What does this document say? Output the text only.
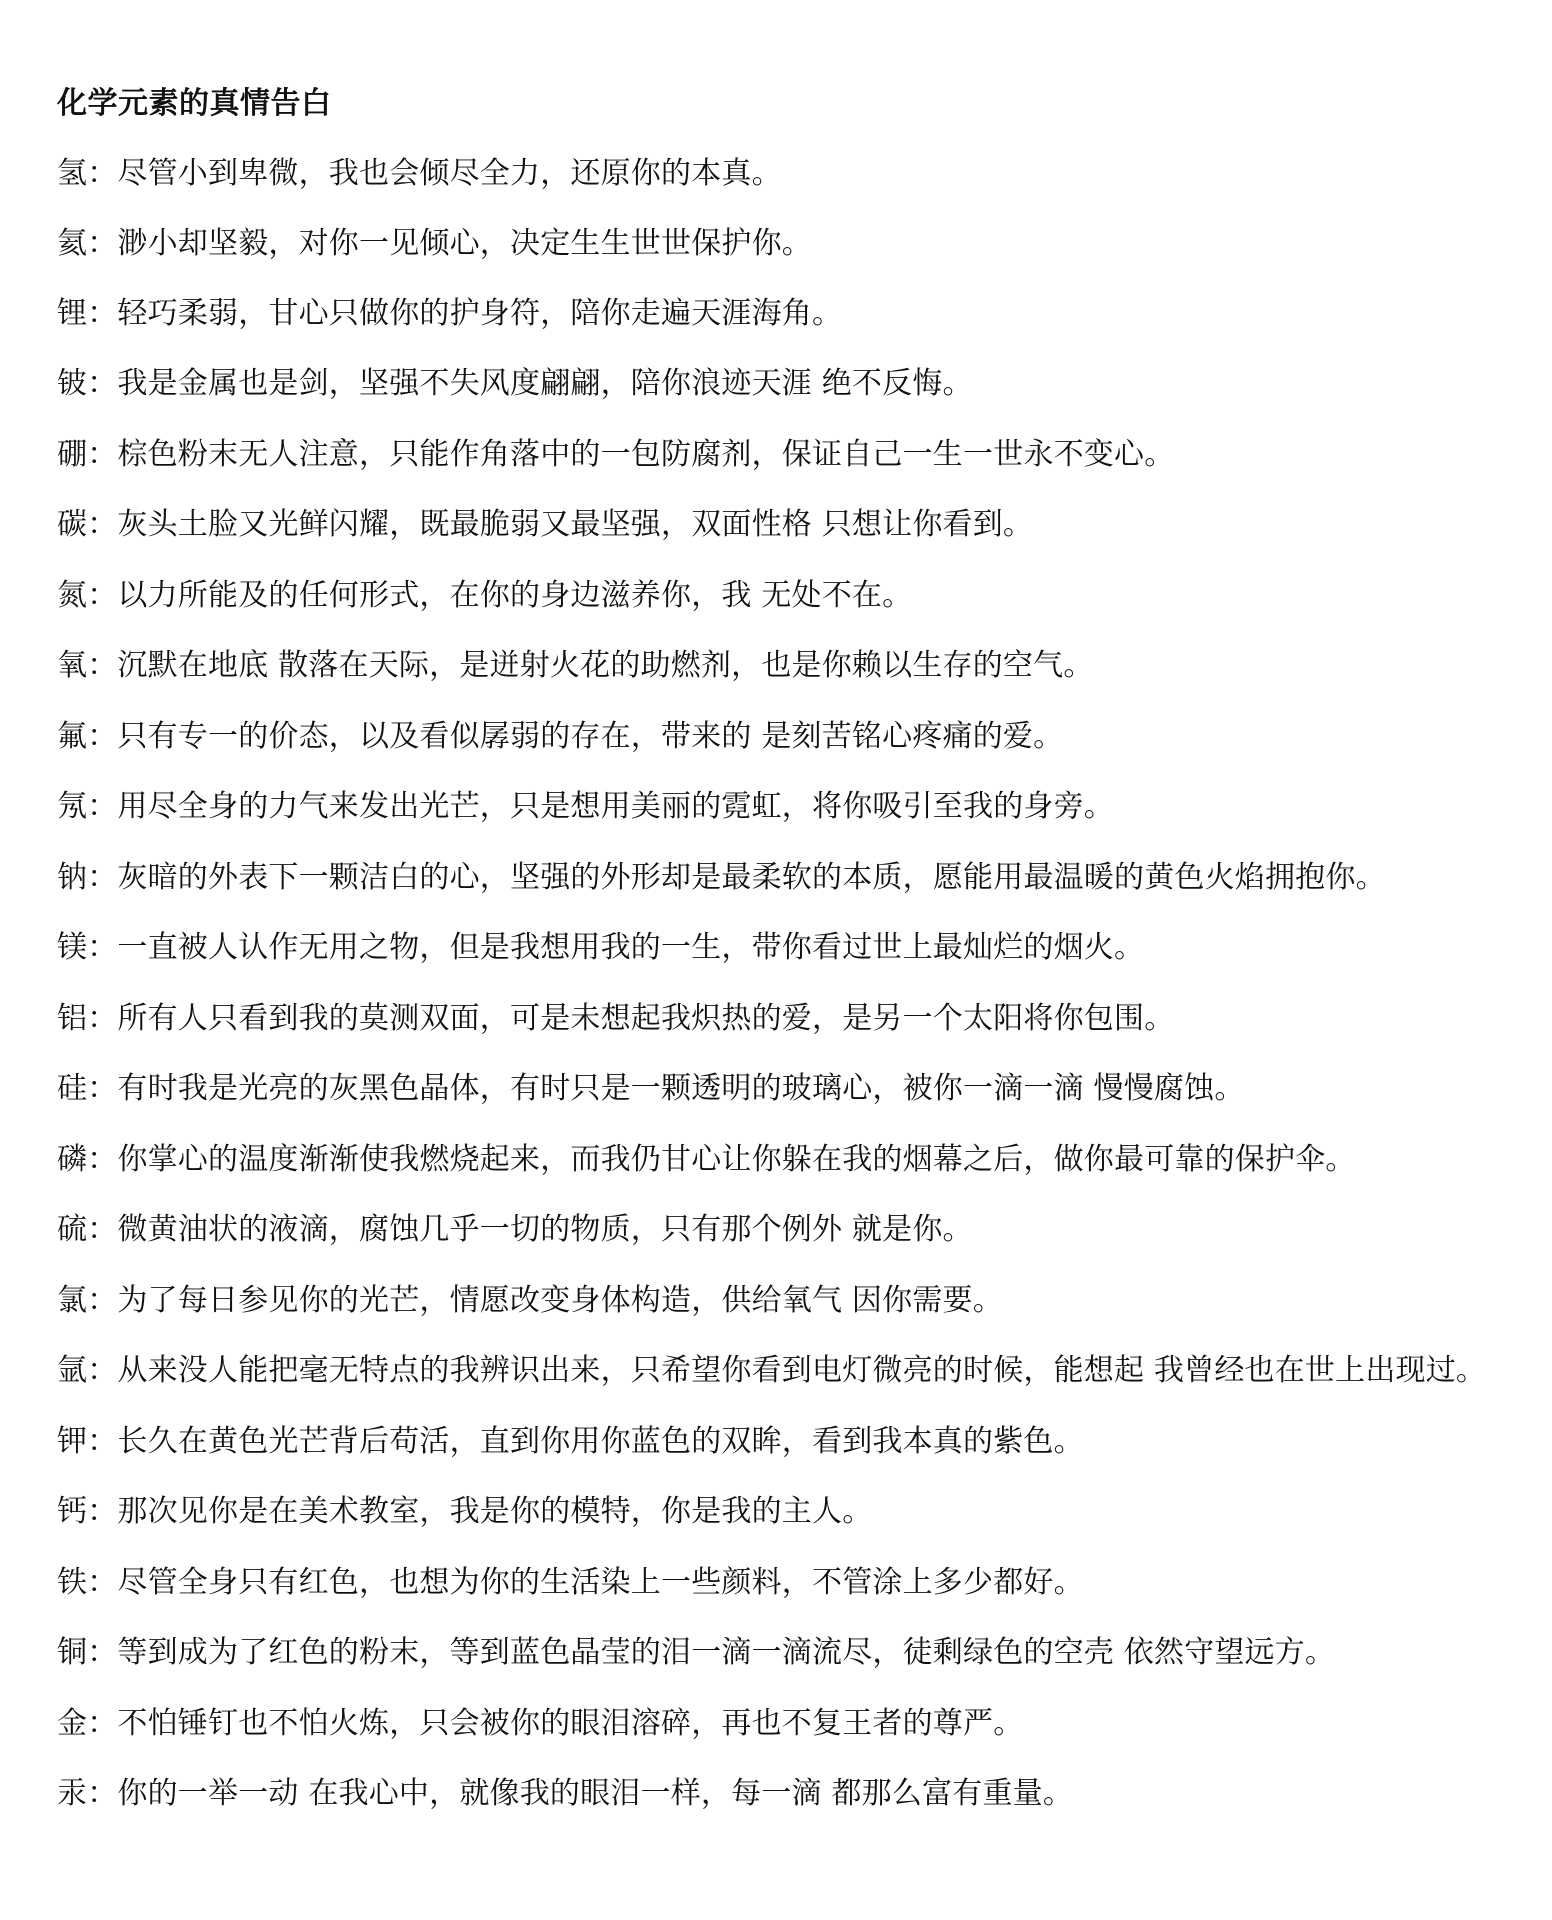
化学元素的真情告白
氢：尽管小到卑微，我也会倾尽全力，还原你的本真。
氦：渺小却坚毅，对你一见倾心，决定生生世世保护你。
锂：轻巧柔弱，甘心只做你的护身符，陪你走遍天涯海角。
铍：我是金属也是剑，坚强不失风度翩翩，陪你浪迹天涯 绝不反悔。
硼：棕色粉末无人注意，只能作角落中的一包防腐剂，保证自己一生一世永不变心。
碳：灰头土脸又光鲜闪耀，既最脆弱又最坚强，双面性格 只想让你看到。
氮：以力所能及的任何形式，在你的身边滋养你，我 无处不在。
氧：沉默在地底 散落在天际，是迸射火花的助燃剂，也是你赖以生存的空气。
氟：只有专一的价态，以及看似孱弱的存在，带来的 是刻苦铭心疼痛的爱。
氖：用尽全身的力气来发出光芒，只是想用美丽的霓虹，将你吸引至我的身旁。
钠：灰暗的外表下一颗洁白的心，坚强的外形却是最柔软的本质，愿能用最温暖的黄色火焰拥抱你。
镁：一直被人认作无用之物，但是我想用我的一生，带你看过世上最灿烂的烟火。
铝：所有人只看到我的莫测双面，可是未想起我炽热的爱，是另一个太阳将你包围。
硅：有时我是光亮的灰黑色晶体，有时只是一颗透明的玻璃心，被你一滴一滴 慢慢腐蚀。
磷：你掌心的温度渐渐使我燃烧起来，而我仍甘心让你躲在我的烟幕之后，做你最可靠的保护伞。
硫：微黄油状的液滴，腐蚀几乎一切的物质，只有那个例外 就是你。
氯：为了每日参见你的光芒，情愿改变身体构造，供给氧气 因你需要。
氩：从来没人能把毫无特点的我辨识出来，只希望你看到电灯微亮的时候，能想起 我曾经也在世上出现过。
钾：长久在黄色光芒背后苟活，直到你用你蓝色的双眸，看到我本真的紫色。
钙：那次见你是在美术教室，我是你的模特，你是我的主人。
铁：尽管全身只有红色，也想为你的生活染上一些颜料，不管涂上多少都好。
铜：等到成为了红色的粉末，等到蓝色晶莹的泪一滴一滴流尽，徒剩绿色的空壳 依然守望远方。
金：不怕锤钉也不怕火炼，只会被你的眼泪溶碎，再也不复王者的尊严。
汞：你的一举一动 在我心中，就像我的眼泪一样，每一滴 都那么富有重量。
